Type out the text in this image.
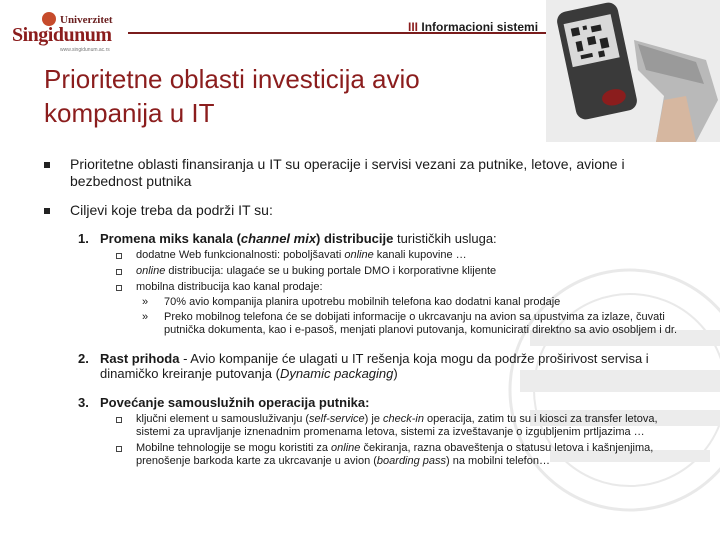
Univerzitet
Singidunum
www.singidunum.ac.rs
III Informacioni sistemi
Prioritetne oblasti investicija avio kompanija u IT
Prioritetne oblasti finansiranja u IT su operacije i servisi vezani za putnike, letove, avione i bezbednost putnika
Ciljevi koje treba da podrži IT su:
1. Promena miks kanala (channel mix) distribucije turističkih usluga:
dodatne Web funkcionalnosti: poboljšavati online kanali kupovine …
online distribucija: ulagaće se u buking portale DMO i korporativne klijente
mobilna distribucija kao kanal prodaje:
» 70% avio kompanija planira upotrebu mobilnih telefona kao dodatni kanal prodaje
» Preko mobilnog telefona će se dobijati informacije o ukrcavanju na avion sa upustvima za izlaze, čuvati putnička dokumenta, kao i e-pasoš, menjati planovi putovanja, komunicirati direktno sa avio osobljem i dr.
2. Rast prihoda - Avio kompanije će ulagati u IT rešenja koja mogu da podrže proširivost servisa i dinamičko kreiranje putovanja (Dynamic packaging)
3. Povećanje samouslužnih operacija putnika:
ključni element u samousluživanju (self-service) je check-in operacija, zatim tu su i kiosci za transfer letova, sistemi za upravljanje iznenadnim promenama letova, sistemi za izveštavanje o izgubljenim prtljazima …
Mobilne tehnologije se mogu koristiti za online čekiranja, razna obaveštenja o statusu letova i kašnjenjima, prenošenje barkoda karte za ukrcavanje u avion (boarding pass) na mobilni telefon…
